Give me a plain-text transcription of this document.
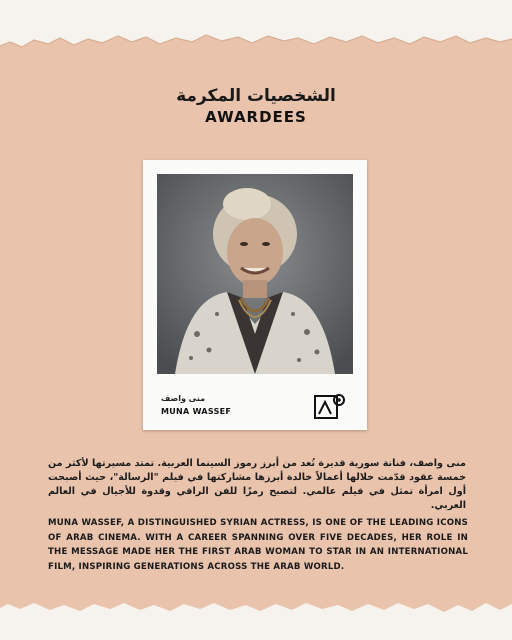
الشخصيات المكرمة
AWARDEES
منى واصف
MUNA WASSEF
منى واصف، فنانة سورية قديرة تُعد من أبرز رموز السينما العربية. تمتد مسيرتها لأكثر من خمسة عقود قدّمت خلالها أعمالاً خالدة أبرزها مشاركتها في فيلم "الرسالة"، حيث أصبحت أول امرأة تمثل في فيلم عالمي. لتصبح رمزًا للفن الراقي وقدوة للأجيال في العالم العربي.
MUNA WASSEF, A DISTINGUISHED SYRIAN ACTRESS, IS ONE OF THE LEADING ICONS OF ARAB CINEMA. WITH A CAREER SPANNING OVER FIVE DECADES, HER ROLE IN THE MESSAGE MADE HER THE FIRST ARAB WOMAN TO STAR IN AN INTERNATIONAL FILM, INSPIRING GENERATIONS ACROSS THE ARAB WORLD.
